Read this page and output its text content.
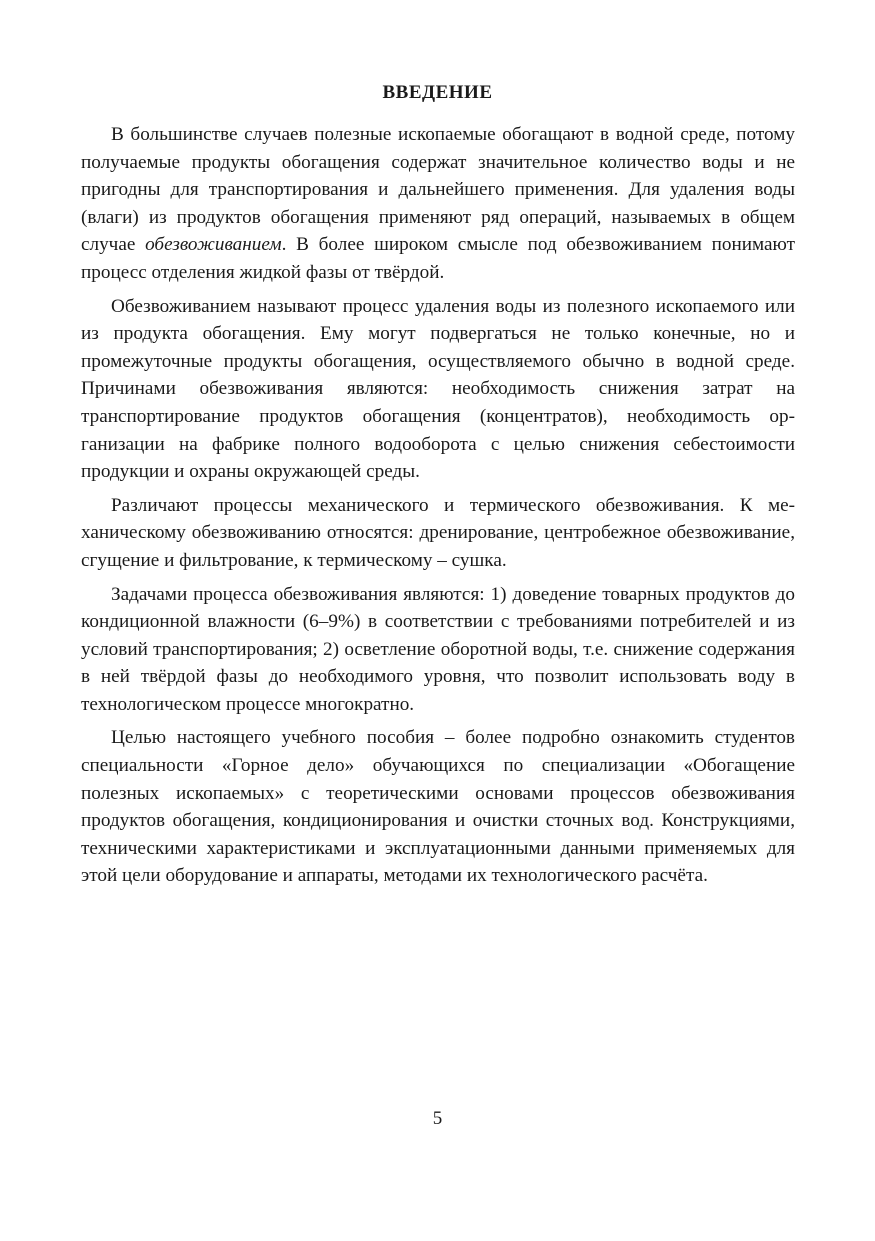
ВВЕДЕНИЕ

В большинстве случаев полезные ископаемые обогащают в водной среде, потому получаемые продукты обогащения содержат значительное количество воды и не пригодны для транспортирования и дальнейшего применения. Для удаления воды (влаги) из продуктов обогащения применяют ряд операций, называемых в общем случае обезвоживанием. В более широком смысле под обезвоживанием понимают процесс отделения жидкой фазы от твёрдой.

Обезвоживанием называют процесс удаления воды из полезного ископаемого или из продукта обогащения. Ему могут подвергаться не только конечные, но и промежуточные продукты обогащения, осуществляемого обычно в водной среде. Причинами обезвоживания являются: необходимость снижения затрат на транспортирование продуктов обогащения (концентратов), необходимость организации на фабрике полного водооборота с целью снижения себестоимости продукции и охраны окружающей среды.

Различают процессы механического и термического обезвоживания. К механическому обезвоживанию относятся: дренирование, центробежное обезвоживание, сгущение и фильтрование, к термическому – сушка.

Задачами процесса обезвоживания являются: 1) доведение товарных продуктов до кондиционной влажности (6–9%) в соответствии с требованиями потребителей и из условий транспортирования; 2) осветление оборотной воды, т.е. снижение содержания в ней твёрдой фазы до необходимого уровня, что позволит использовать воду в технологическом процессе многократно.

Целью настоящего учебного пособия – более подробно ознакомить студентов специальности «Горное дело» обучающихся по специализации «Обогащение полезных ископаемых» с теоретическими основами процессов обезвоживания продуктов обогащения, кондиционирования и очистки сточных вод. Конструкциями, техническими характеристиками и эксплуатационными данными применяемых для этой цели оборудование и аппараты, методами их технологического расчёта.

5
